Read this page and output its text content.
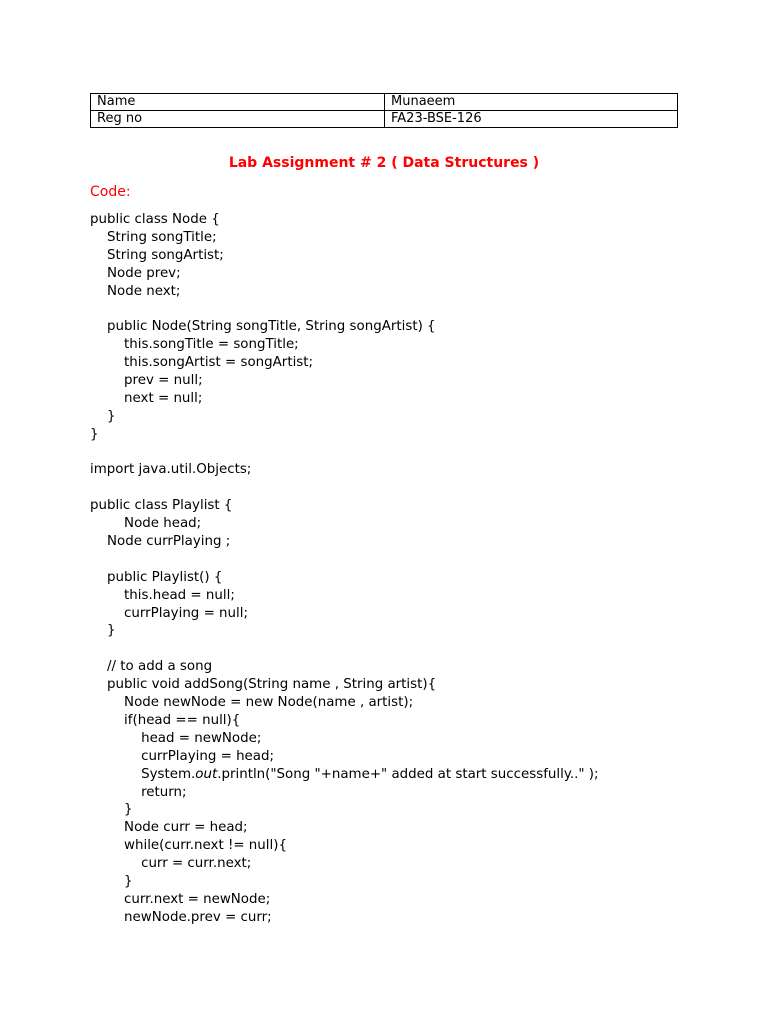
Name	Munaeem
Reg no	FA23-BSE-126
Lab Assignment # 2 ( Data Structures )
Code:
public class Node {
String songTitle;
String songArtist;
Node prev;
Node next;
public Node(String songTitle, String songArtist) {
this.songTitle = songTitle;
this.songArtist = songArtist;
prev = null;
next = null;
}
}
import java.util.Objects;
public class Playlist {
Node head;
Node currPlaying ;
public Playlist() {
this.head = null;
currPlaying = null;
}
// to add a song
public void addSong(String name , String artist){
Node newNode = new Node(name , artist);
if(head == null){
head = newNode;
currPlaying = head;
System.out.println("Song "+name+" added at start successfully.." );
return;
}
Node curr = head;
while(curr.next != null){
curr = curr.next;
}
curr.next = newNode;
newNode.prev = curr;
